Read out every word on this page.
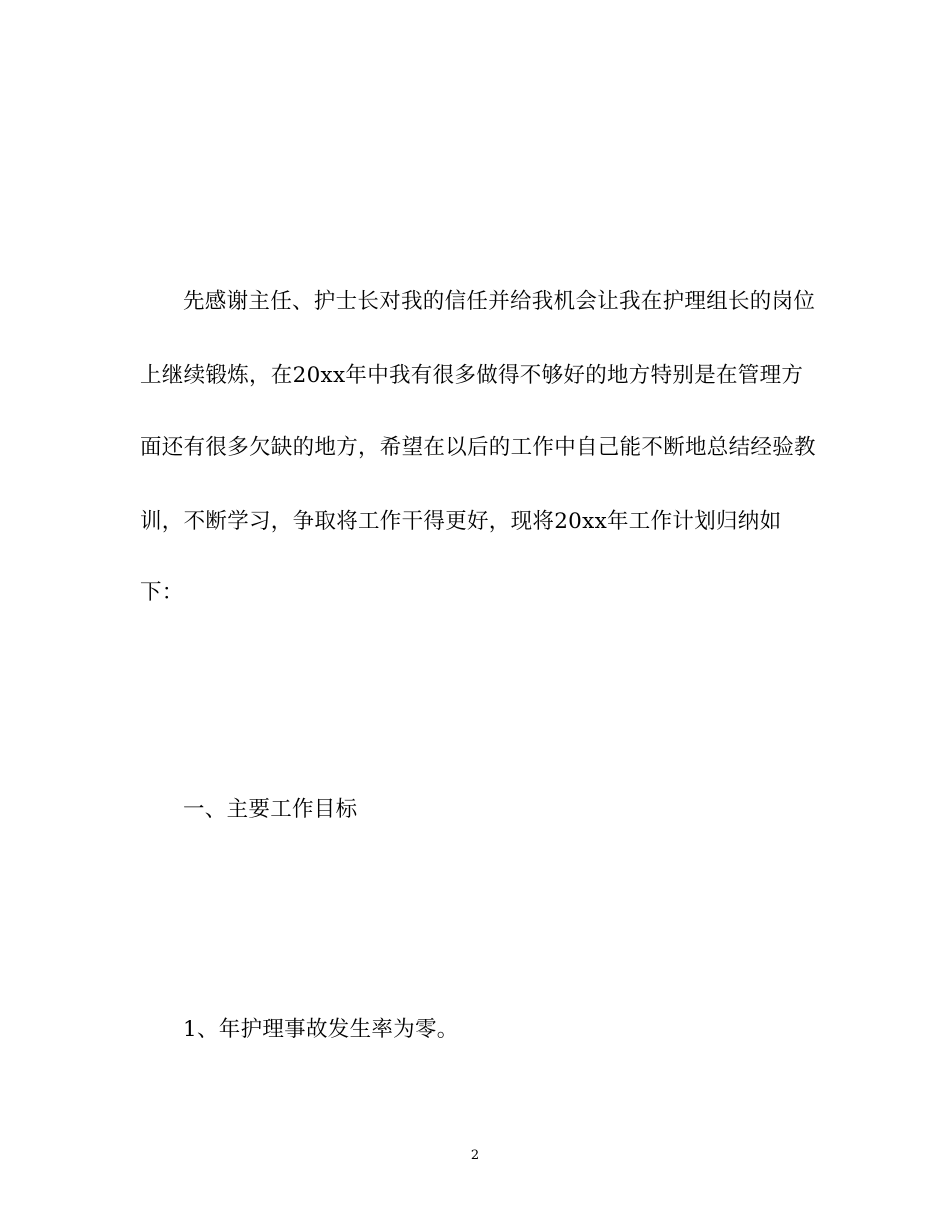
先感谢主任、护士长对我的信任并给我机会让我在护理组长的岗位
上继续锻炼，在20xx年中我有很多做得不够好的地方特别是在管理方
面还有很多欠缺的地方，希望在以后的工作中自己能不断地总结经验教
训，不断学习，争取将工作干得更好，现将20xx年工作计划归纳如
下：
一、主要工作目标
1、年护理事故发生率为零。
2
